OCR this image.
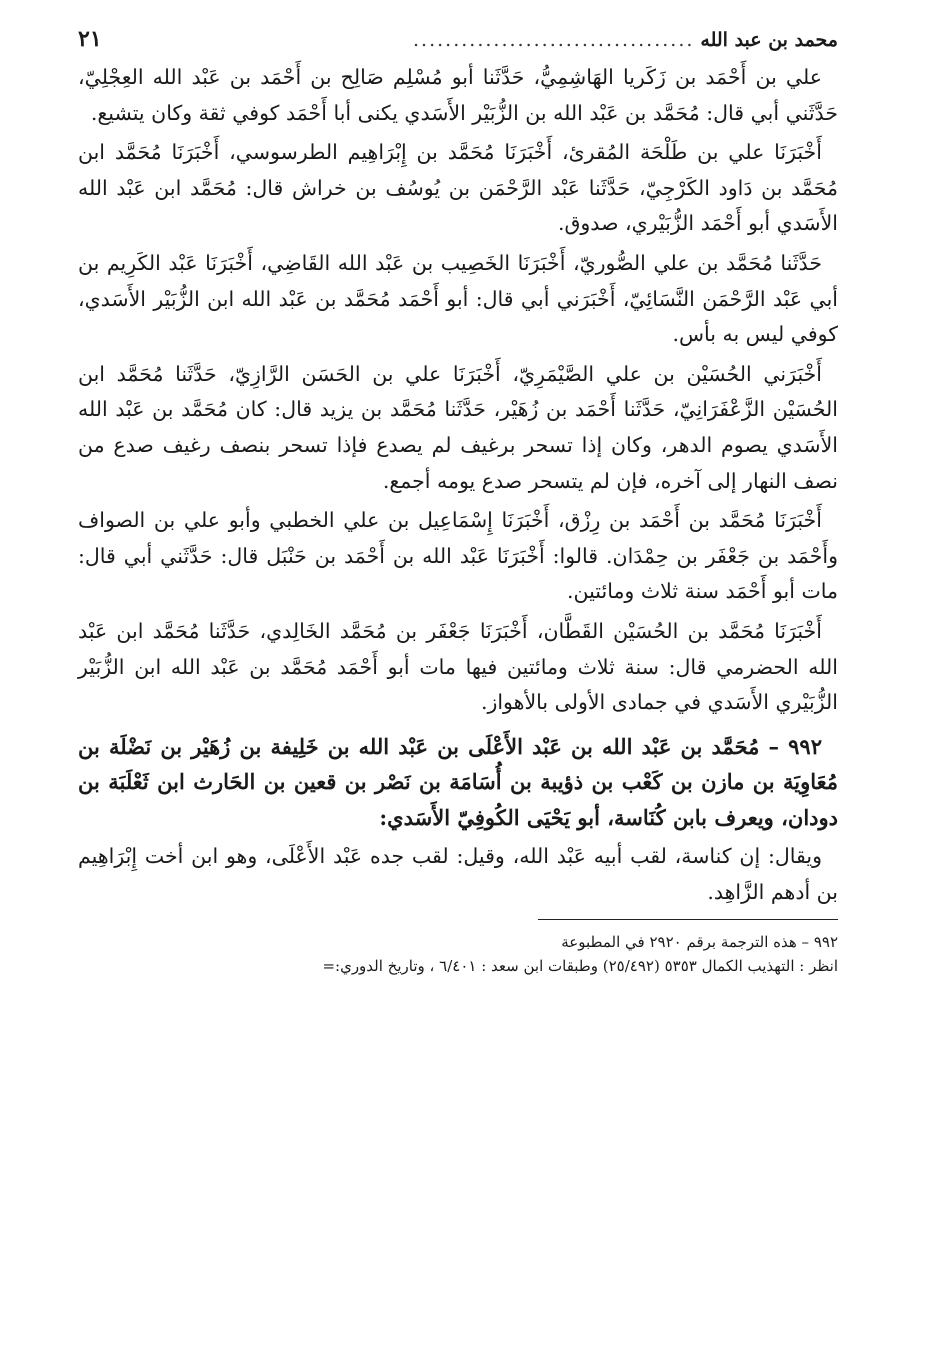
محمد بن عبد الله
...................................
٢١

علي بن أَحْمَد بن زَكَريا الهَاشِمِيُّ، حَدَّثَنا أبو مُسْلِم صَالِح بن أَحْمَد بن عَبْد الله العِجْلِيّ، حَدَّثَني أبي قال: مُحَمَّد بن عَبْد الله بن الزُّبَيْر الأَسَدي يكنى أبا أَحْمَد كوفي ثقة وكان يتشيع.

أَخْبَرَنَا علي بن طَلْحَة المُقرئ، أَخْبَرَنَا مُحَمَّد بن إِبْرَاهِيم الطرسوسي، أَخْبَرَنَا مُحَمَّد ابن مُحَمَّد بن دَاود الكَرْجِيّ، حَدَّثَنا عَبْد الرَّحْمَن بن يُوسُف بن خراش قال: مُحَمَّد ابن عَبْد الله الأَسَدي أبو أَحْمَد الزُّبَيْري، صدوق.

حَدَّثَنا مُحَمَّد بن علي الصُّوريّ، أَخْبَرَنَا الخَصِيب بن عَبْد الله القَاضِي، أَخْبَرَنَا عَبْد الكَرِيم بن أبي عَبْد الرَّحْمَن النَّسَائِيّ، أَخْبَرَني أبي قال: أبو أَحْمَد مُحَمَّد بن عَبْد الله ابن الزُّبَيْر الأَسَدي، كوفي ليس به بأس.

أَخْبَرَني الحُسَيْن بن علي الصَّيْمَرِيّ، أَخْبَرَنَا علي بن الحَسَن الرَّازِيّ، حَدَّثَنا مُحَمَّد ابن الحُسَيْن الزَّعْفَرَانِيّ، حَدَّثَنا أَحْمَد بن زُهَيْر، حَدَّثَنا مُحَمَّد بن يزيد قال: كان مُحَمَّد بن عَبْد الله الأَسَدي يصوم الدهر، وكان إذا تسحر برغيف لم يصدع فإذا تسحر بنصف رغيف صدع من نصف النهار إلى آخره، فإن لم يتسحر صدع يومه أجمع.

أَخْبَرَنَا مُحَمَّد بن أَحْمَد بن رِزْق، أَخْبَرَنَا إِسْمَاعِيل بن علي الخطبي وأبو علي بن الصواف وأَحْمَد بن جَعْفَر بن حِمْدَان. قالوا: أَخْبَرَنَا عَبْد الله بن أَحْمَد بن حَنْبَل قال: حَدَّثَني أبي قال: مات أبو أَحْمَد سنة ثلاث ومائتين.

أَخْبَرَنَا مُحَمَّد بن الحُسَيْن القَطَّان، أَخْبَرَنَا جَعْفَر بن مُحَمَّد الخَالِدي، حَدَّثَنا مُحَمَّد ابن عَبْد الله الحضرمي قال: سنة ثلاث ومائتين فيها مات أبو أَحْمَد مُحَمَّد بن عَبْد الله ابن الزُّبَيْر الزُّبَيْري الأَسَدي في جمادى الأولى بالأهواز.

٩٩٢ – مُحَمَّد بن عَبْد الله بن عَبْد الأَعْلَى بن عَبْد الله بن خَلِيفة بن زُهَيْر بن نَضْلَة بن مُعَاوِيَة بن مازن بن كَعْب بن ذؤيبة بن أُسَامَة بن نَصْر بن قعين بن الحَارث ابن ثَعْلَبَة بن دودان، ويعرف بابن كُنَاسة، أبو يَحْيَى الكُوفِيّ الأَسَدي:

ويقال: إن كناسة، لقب أبيه عَبْد الله، وقيل: لقب جده عَبْد الأَعْلَى، وهو ابن أخت إِبْرَاهِيم بن أدهم الزَّاهِد.

٩٩٢ – هذه الترجمة برقم ٢٩٢٠ في المطبوعة

انظر : التهذيب الكمال ٥٣٥٣ (٢٥/٤٩٢) وطبقات ابن سعد : ٦/٤٠١ ، وتاريخ الدوري:=
